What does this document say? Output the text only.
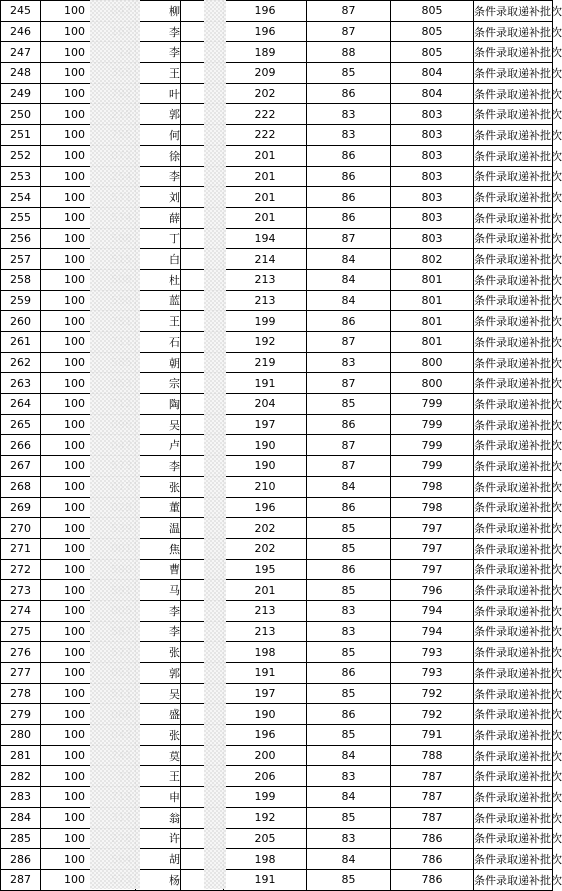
245	100	柳		196	87	805	条件录取递补批次
246	100	李		196	87	805	条件录取递补批次
247	100	李		189	88	805	条件录取递补批次
248	100	王		209	85	804	条件录取递补批次
249	100	叶		202	86	804	条件录取递补批次
250	100	郭		222	83	803	条件录取递补批次
251	100	何		222	83	803	条件录取递补批次
252	100	徐		201	86	803	条件录取递补批次
253	100	李		201	86	803	条件录取递补批次
254	100	刘		201	86	803	条件录取递补批次
255	100	薛		201	86	803	条件录取递补批次
256	100	丁		194	87	803	条件录取递补批次
257	100	白		214	84	802	条件录取递补批次
258	100	杜		213	84	801	条件录取递补批次
259	100	蓝		213	84	801	条件录取递补批次
260	100	王		199	86	801	条件录取递补批次
261	100	石		192	87	801	条件录取递补批次
262	100	朝		219	83	800	条件录取递补批次
263	100	宗		191	87	800	条件录取递补批次
264	100	陶		204	85	799	条件录取递补批次
265	100	吴		197	86	799	条件录取递补批次
266	100	卢		190	87	799	条件录取递补批次
267	100	李		190	87	799	条件录取递补批次
268	100	张		210	84	798	条件录取递补批次
269	100	董		196	86	798	条件录取递补批次
270	100	温		202	85	797	条件录取递补批次
271	100	焦		202	85	797	条件录取递补批次
272	100	曹		195	86	797	条件录取递补批次
273	100	马		201	85	796	条件录取递补批次
274	100	李		213	83	794	条件录取递补批次
275	100	李		213	83	794	条件录取递补批次
276	100	张		198	85	793	条件录取递补批次
277	100	郭		191	86	793	条件录取递补批次
278	100	吴		197	85	792	条件录取递补批次
279	100	盛		190	86	792	条件录取递补批次
280	100	张		196	85	791	条件录取递补批次
281	100	莫		200	84	788	条件录取递补批次
282	100	王		206	83	787	条件录取递补批次
283	100	申		199	84	787	条件录取递补批次
284	100	翁		192	85	787	条件录取递补批次
285	100	许		205	83	786	条件录取递补批次
286	100	胡		198	84	786	条件录取递补批次
287	100	杨		191	85	786	条件录取递补批次
